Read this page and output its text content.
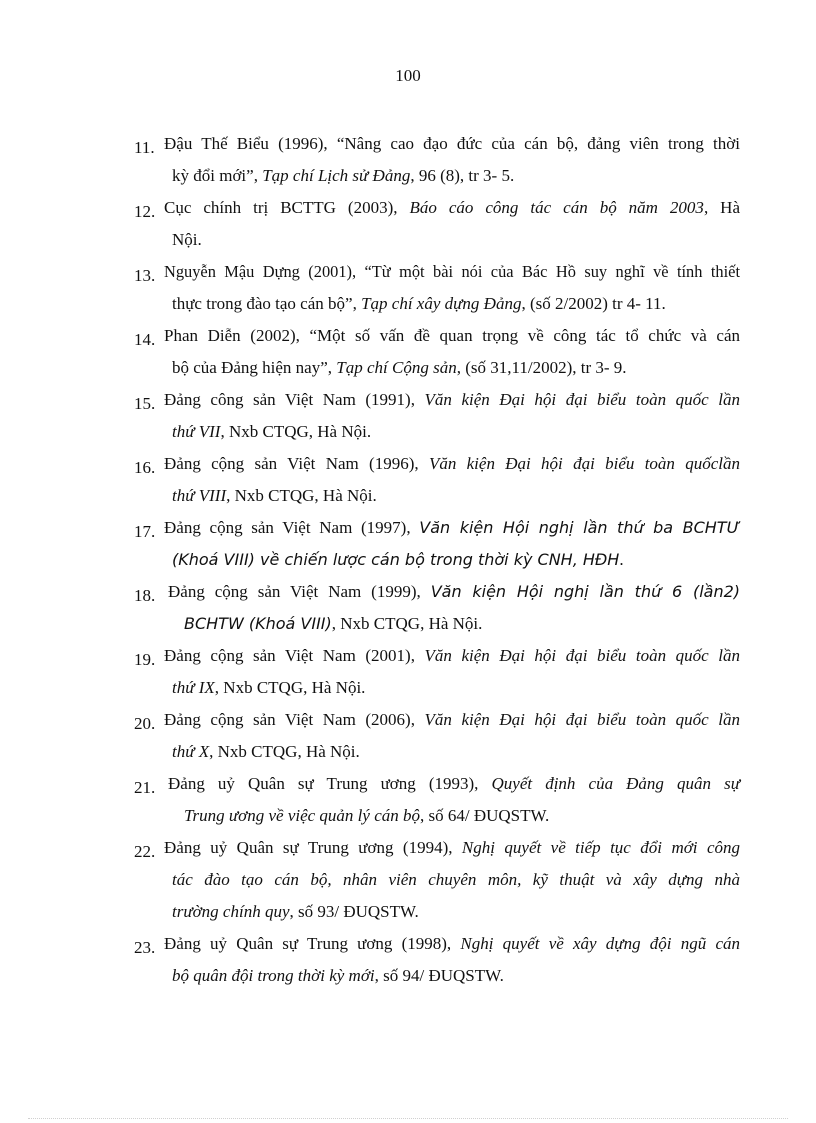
100
11. Đậu Thế Biểu (1996), “Nâng cao đạo đức của cán bộ, đảng viên trong thời
kỳ đổi mới”, Tạp chí Lịch sử Đảng, 96 (8), tr 3- 5.
12. Cục chính trị BCTTG (2003), Báo cáo công tác cán bộ năm 2003, Hà
Nội.
13. Nguyễn Mậu Dựng (2001), “Từ một bài nói của Bác Hồ suy nghĩ về tính thiết
thực trong đào tạo cán bộ”, Tạp chí xây dựng Đảng, (số 2/2002) tr 4- 11.
14. Phan Diễn (2002), “Một số vấn đề quan trọng về công tác tổ chức và cán
bộ của Đảng hiện nay”, Tạp chí Cộng sản, (số 31,11/2002), tr 3- 9.
15. Đảng công sản Việt Nam (1991), Văn kiện Đại hội đại biểu toàn quốc lần
thứ VII, Nxb CTQG, Hà Nội.
16. Đảng cộng sản Việt Nam (1996), Văn kiện Đại hội đại biểu toàn quốclần
thứ VIII, Nxb CTQG, Hà Nội.
17. Đảng cộng sản Việt Nam (1997), Văn kiện Hội nghị lần thứ ba BCHTƯ
(Khoá VIII) về chiến lược cán bộ trong thời kỳ CNH, HĐH.
18. Đảng cộng sản Việt Nam (1999), Văn kiện Hội nghị lần thứ 6 (lần2)
BCHTW (Khoá VIII), Nxb CTQG, Hà Nội.
19. Đảng cộng sản Việt Nam (2001), Văn kiện Đại hội đại biểu toàn quốc lần
thứ IX, Nxb CTQG, Hà Nội.
20. Đảng cộng sản Việt Nam (2006), Văn kiện Đại hội đại biểu toàn quốc lần
thứ X, Nxb CTQG, Hà Nội.
21. Đảng uỷ Quân sự Trung ương (1993), Quyết định của Đảng quân sự
Trung ương về việc quản lý cán bộ, số 64/ ĐUQSTW.
22. Đảng uỷ Quân sự Trung ương (1994), Nghị quyết về tiếp tục đổi mới công
tác đào tạo cán bộ, nhân viên chuyên môn, kỹ thuật và xây dựng nhà
trường chính quy, số 93/ ĐUQSTW.
23. Đảng uỷ Quân sự Trung ương (1998), Nghị quyết về xây dựng đội ngũ cán
bộ quân đội trong thời kỳ mới, số 94/ ĐUQSTW.
